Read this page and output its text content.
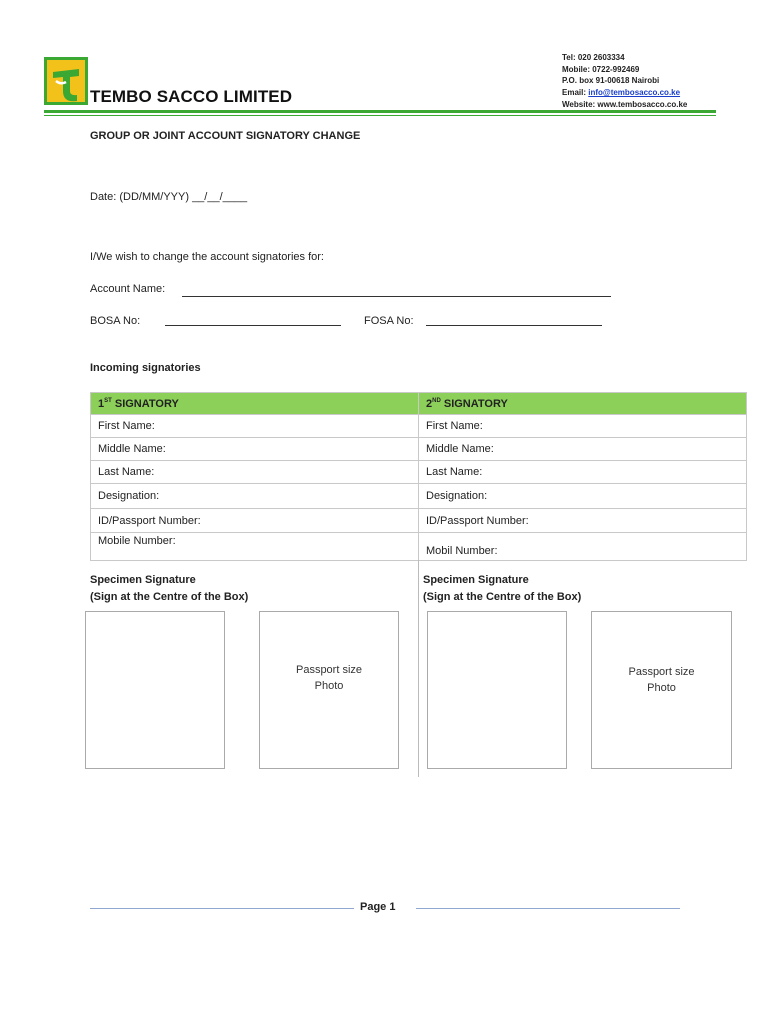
TEMBO SACCO LIMITED
Tel: 020 2603334
Mobile: 0722-992469
P.O. box 91-00618 Nairobi
Email: info@tembosacco.co.ke
Website: www.tembosacco.co.ke
GROUP OR JOINT ACCOUNT SIGNATORY CHANGE
Date: (DD/MM/YYY) __/__/____
I/We wish to change the account signatories for:
Account Name:
BOSA No:	FOSA No:
Incoming signatories
1ST SIGNATORY	2ND SIGNATORY
First Name:	First Name:
Middle Name:	Middle Name:
Last Name:	Last Name:
Designation:	Designation:
ID/Passport Number:	ID/Passport Number:
Mobile Number:	Mobil Number:
Specimen Signature
(Sign at the Centre of the Box)
Passport size
Photo
Specimen Signature
(Sign at the Centre of the Box)
Passport size
Photo
Page 1
